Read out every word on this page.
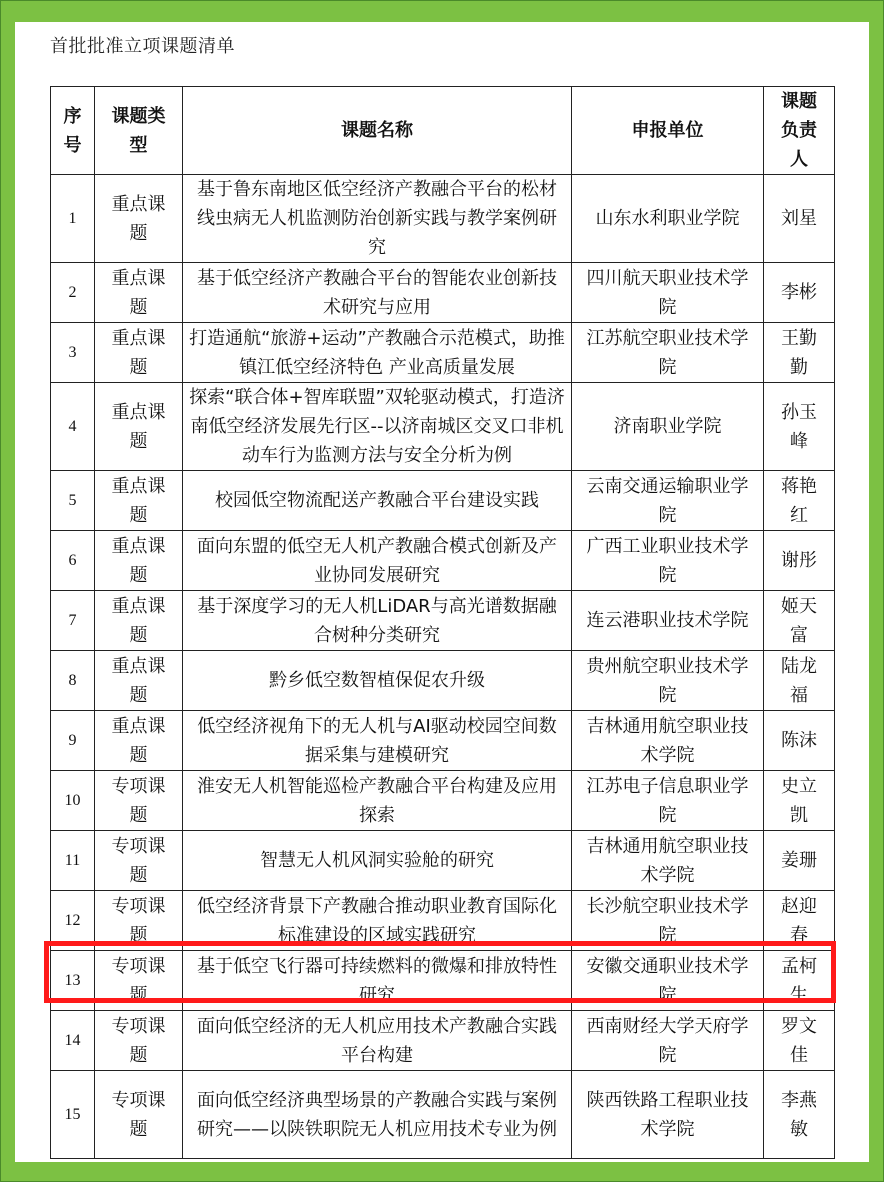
首批批准立项课题清单
序号	课题类型	课题名称	申报单位	课题负责人
1	重点课题	基于鲁东南地区低空经济产教融合平台的松材线虫病无人机监测防治创新实践与教学案例研究	山东水利职业学院	刘星
2	重点课题	基于低空经济产教融合平台的智能农业创新技术研究与应用	四川航天职业技术学院	李彬
3	重点课题	打造通航“旅游+运动”产教融合示范模式，助推镇江低空经济特色 产业高质量发展	江苏航空职业技术学院	王勤勤
4	重点课题	探索“联合体+智库联盟”双轮驱动模式，打造济南低空经济发展先行区--以济南城区交叉口非机动车行为监测方法与安全分析为例	济南职业学院	孙玉峰
5	重点课题	校园低空物流配送产教融合平台建设实践	云南交通运输职业学院	蒋艳红
6	重点课题	面向东盟的低空无人机产教融合模式创新及产业协同发展研究	广西工业职业技术学院	谢彤
7	重点课题	基于深度学习的无人机LiDAR与高光谱数据融合树种分类研究	连云港职业技术学院	姬天富
8	重点课题	黔乡低空数智植保促农升级	贵州航空职业技术学院	陆龙福
9	重点课题	低空经济视角下的无人机与AI驱动校园空间数据采集与建模研究	吉林通用航空职业技术学院	陈沫
10	专项课题	淮安无人机智能巡检产教融合平台构建及应用探索	江苏电子信息职业学院	史立凯
11	专项课题	智慧无人机风洞实验舱的研究	吉林通用航空职业技术学院	姜珊
12	专项课题	低空经济背景下产教融合推动职业教育国际化标准建设的区域实践研究	长沙航空职业技术学院	赵迎春
13	专项课题	基于低空飞行器可持续燃料的微爆和排放特性研究	安徽交通职业技术学院	孟柯生
14	专项课题	面向低空经济的无人机应用技术产教融合实践平台构建	西南财经大学天府学院	罗文佳
15	专项课题	面向低空经济典型场景的产教融合实践与案例研究——以陕铁职院无人机应用技术专业为例	陕西铁路工程职业技术学院	李燕敏
